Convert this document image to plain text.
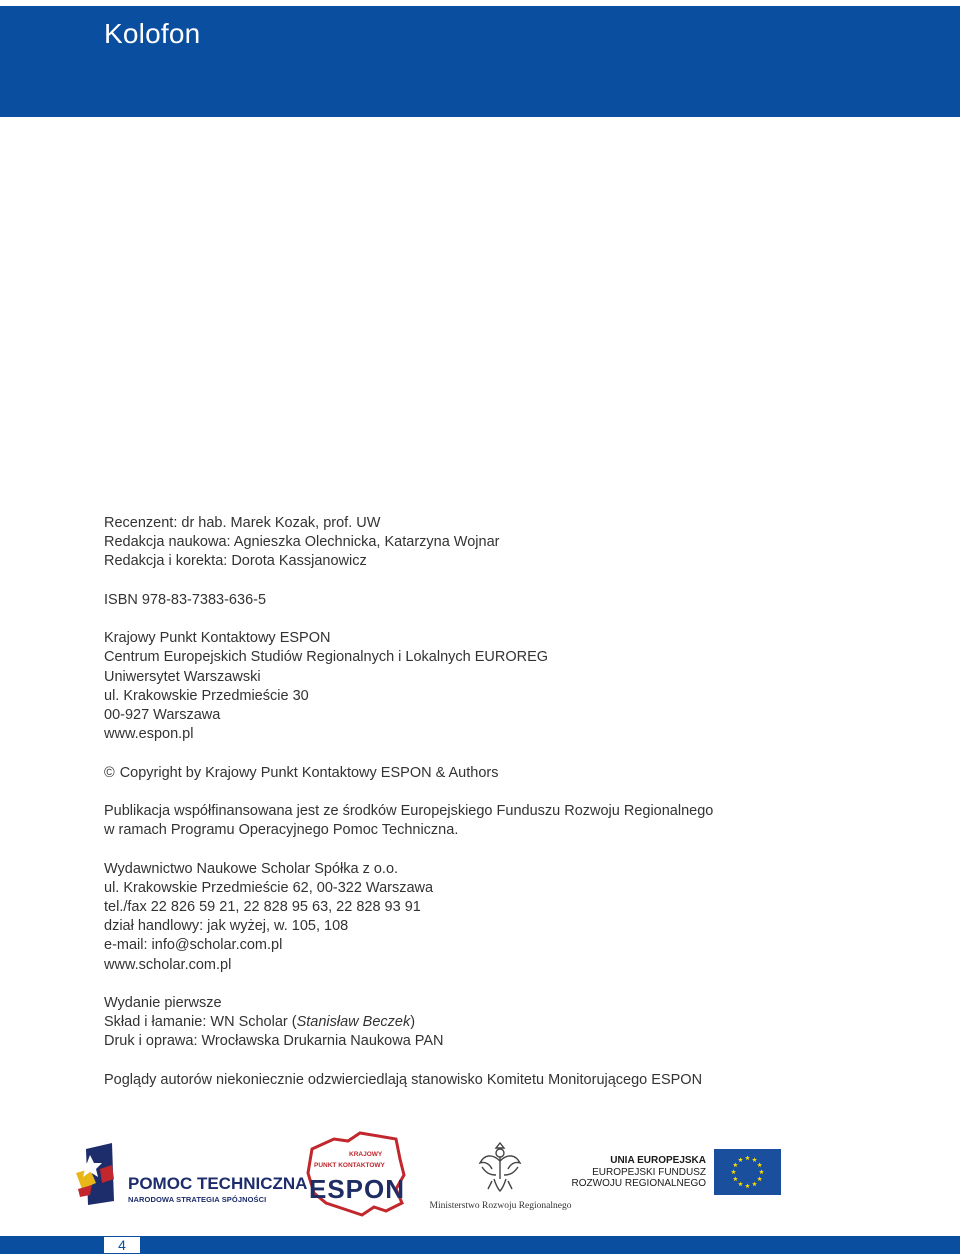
Kolofon
Recenzent: dr hab. Marek Kozak, prof. UW
Redakcja naukowa: Agnieszka Olechnicka, Katarzyna Wojnar
Redakcja i korekta: Dorota Kassjanowicz
ISBN 978-83-7383-636-5
Krajowy Punkt Kontaktowy ESPON
Centrum Europejskich Studiów Regionalnych i Lokalnych EUROREG
Uniwersytet Warszawski
ul. Krakowskie Przedmieście 30
00-927 Warszawa
www.espon.pl
© Copyright by Krajowy Punkt Kontaktowy ESPON & Authors
Publikacja współfinansowana jest ze środków Europejskiego Funduszu Rozwoju Regionalnego
w ramach Programu Operacyjnego Pomoc Techniczna.
Wydawnictwo Naukowe Scholar Spółka z o.o.
ul. Krakowskie Przedmieście 62, 00-322 Warszawa
tel./fax 22 826 59 21, 22 828 95 63, 22 828 93 91
dział handlowy: jak wyżej, w. 105, 108
e-mail: info@scholar.com.pl
www.scholar.com.pl
Wydanie pierwsze
Skład i łamanie: WN Scholar (Stanisław Beczek)
Druk i oprawa: Wrocławska Drukarnia Naukowa PAN
Poglądy autorów niekoniecznie odzwierciedlają stanowisko Komitetu Monitorującego ESPON
POMOC TECHNICZNA
NARODOWA STRATEGIA SPÓJNOŚCI
KRAJOWY
PUNKT KONTAKTOWY
ESPON
Ministerstwo Rozwoju Regionalnego
UNIA EUROPEJSKA
EUROPEJSKI FUNDUSZ
ROZWOJU REGIONALNEGO
4
